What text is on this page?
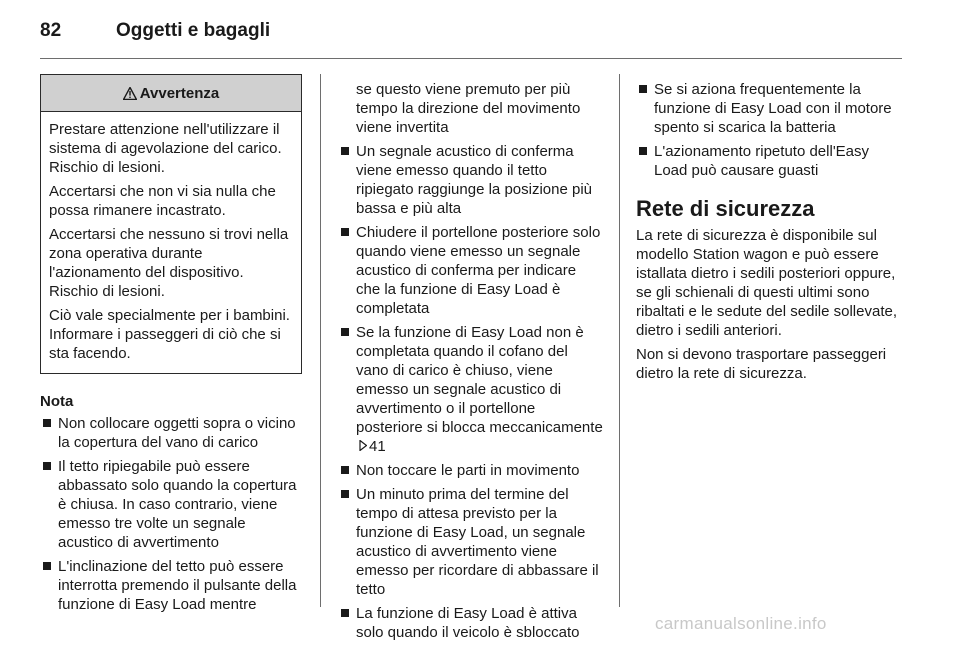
82	Oggetti e bagagli
Avvertenza

Prestare attenzione nell'utilizzare il sistema di agevolazione del carico. Rischio di lesioni.

Accertarsi che non vi sia nulla che possa rimanere incastrato.

Accertarsi che nessuno si trovi nella zona operativa durante l'azionamento del dispositivo. Rischio di lesioni.

Ciò vale specialmente per i bambini. Informare i passeggeri di ciò che si sta facendo.

Nota
Non collocare oggetti sopra o vicino la copertura del vano di carico
Il tetto ripiegabile può essere abbassato solo quando la copertura è chiusa. In caso contrario, viene emesso tre volte un segnale acustico di avvertimento
L'inclinazione del tetto può essere interrotta premendo il pulsante della funzione di Easy Load mentre

se questo viene premuto per più tempo la direzione del movimento viene invertita

Un segnale acustico di conferma viene emesso quando il tetto ripiegato raggiunge la posizione più bassa e più alta
Chiudere il portellone posteriore solo quando viene emesso un segnale acustico di conferma per indicare che la funzione di Easy Load è completata
Se la funzione di Easy Load non è completata quando il cofano del vano di carico è chiuso, viene emesso un segnale acustico di avvertimento o il portellone posteriore si blocca meccanicamente 41
Non toccare le parti in movimento
Un minuto prima del termine del tempo di attesa previsto per la funzione di Easy Load, un segnale acustico di avvertimento viene emesso per ricordare di abbassare il tetto
La funzione di Easy Load è attiva solo quando il veicolo è sbloccato
Se si aziona frequentemente la funzione di Easy Load con il motore spento si scarica la batteria
L'azionamento ripetuto dell'Easy Load può causare guasti
Rete di sicurezza

La rete di sicurezza è disponibile sul modello Station wagon e può essere istallata dietro i sedili posteriori oppure, se gli schienali di questi ultimi sono ribaltati e le sedute del sedile sollevate, dietro i sedili anteriori.

Non si devono trasportare passeggeri dietro la rete di sicurezza.

carmanualsonline.info
